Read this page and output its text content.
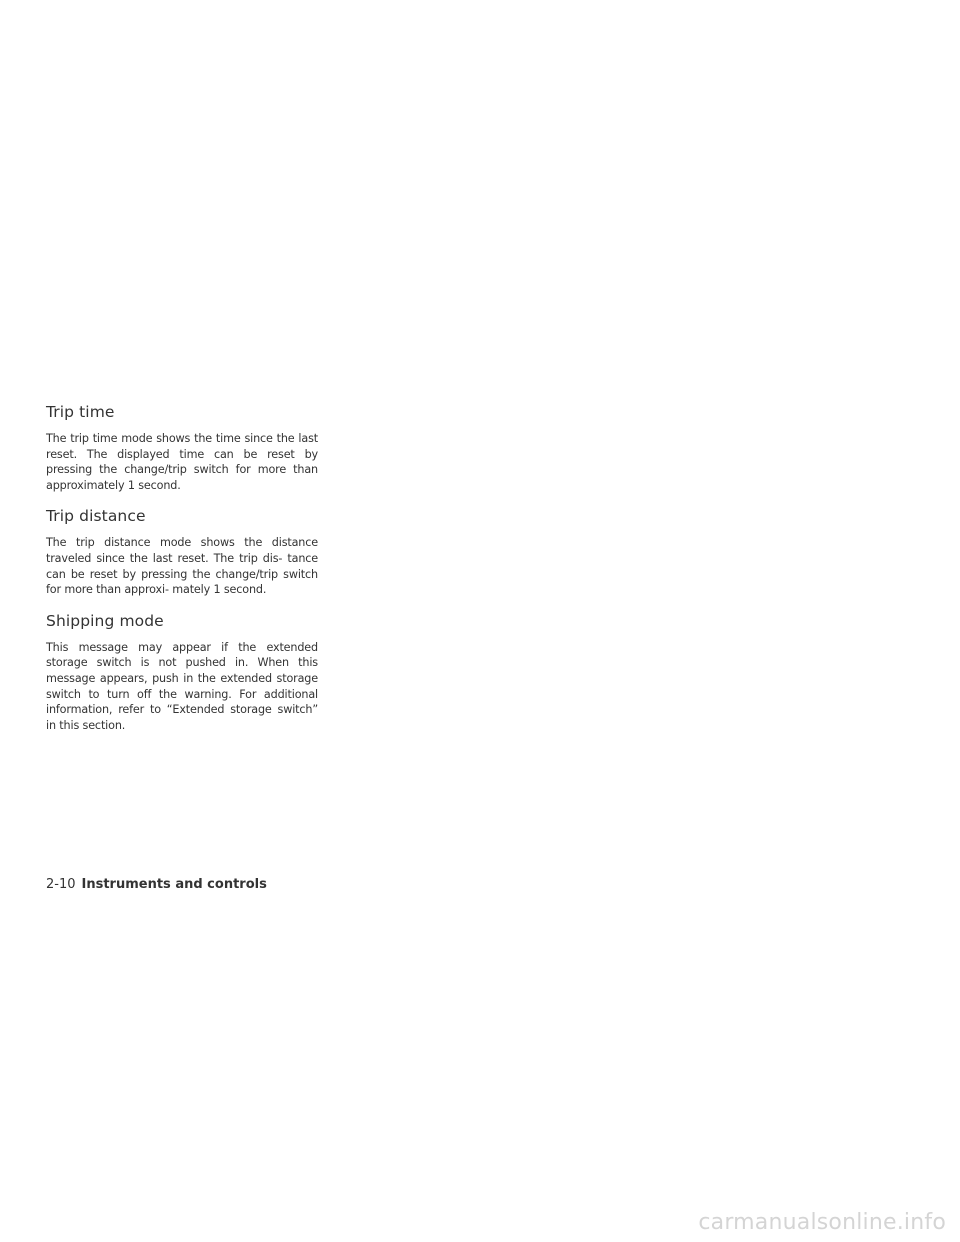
Trip time

The trip time mode shows the time since the last reset. The displayed time can be reset by pressing the change/trip switch for more than approximately 1 second.

Trip distance

The trip distance mode shows the distance traveled since the last reset. The trip dis- tance can be reset by pressing the change/trip switch for more than approxi- mately 1 second.

Shipping mode

This message may appear if the extended storage switch is not pushed in. When this message appears, push in the extended storage switch to turn off the warning. For additional information, refer to “Extended storage switch” in this section.

2-10 Instruments and controls
carmanualsonline.info
